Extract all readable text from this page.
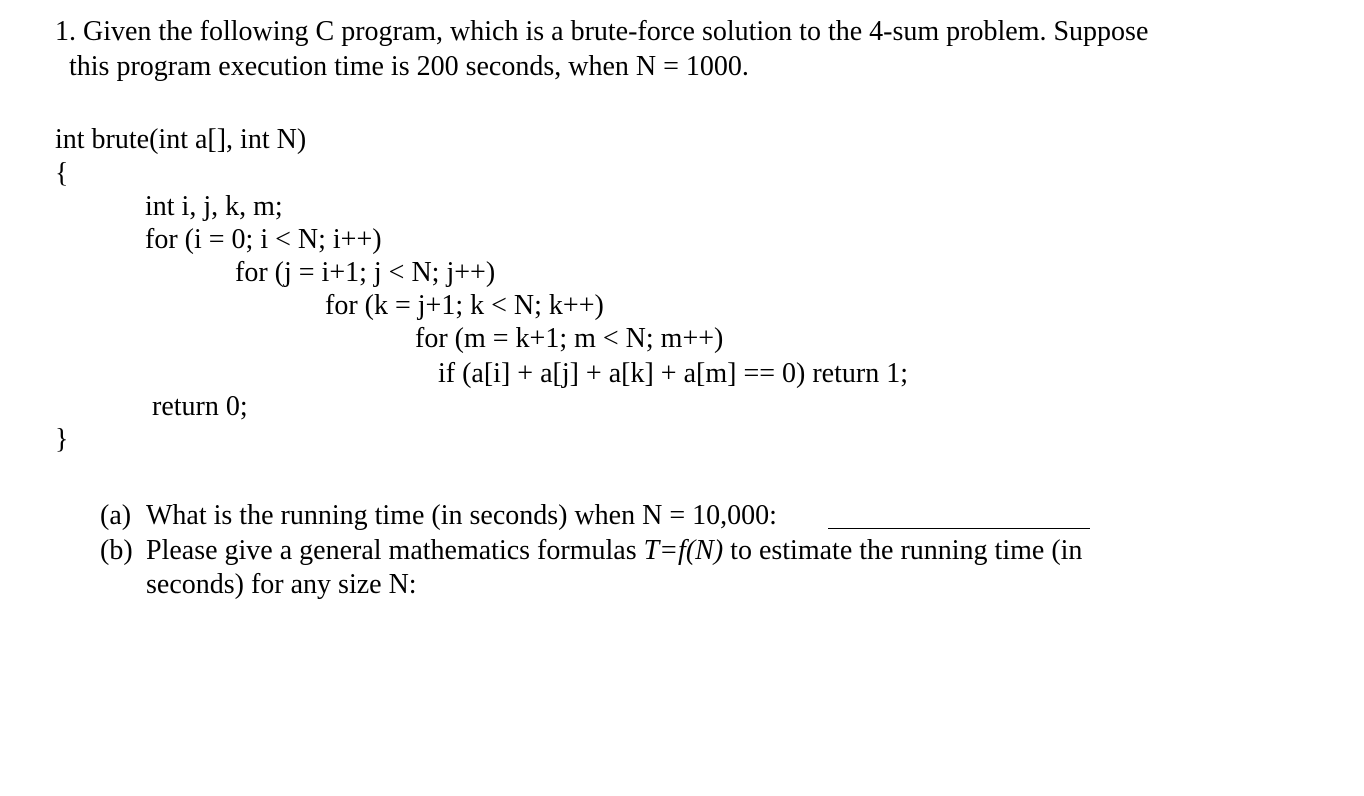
1. Given the following C program, which is a brute-force solution to the 4-sum problem. Suppose
this program execution time is 200 seconds, when N = 1000.
int brute(int a[], int N)
{
int i, j, k, m;
for (i = 0; i < N; i++)
for (j = i+1; j < N; j++)
for (k = j+1; k < N; k++)
for (m = k+1; m < N; m++)
if (a[i] + a[j] + a[k] + a[m] == 0) return 1;
return 0;
}
(a) What is the running time (in seconds) when N = 10,000:
(b) Please give a general mathematics formulas T=f(N) to estimate the running time (in
seconds) for any size N:
